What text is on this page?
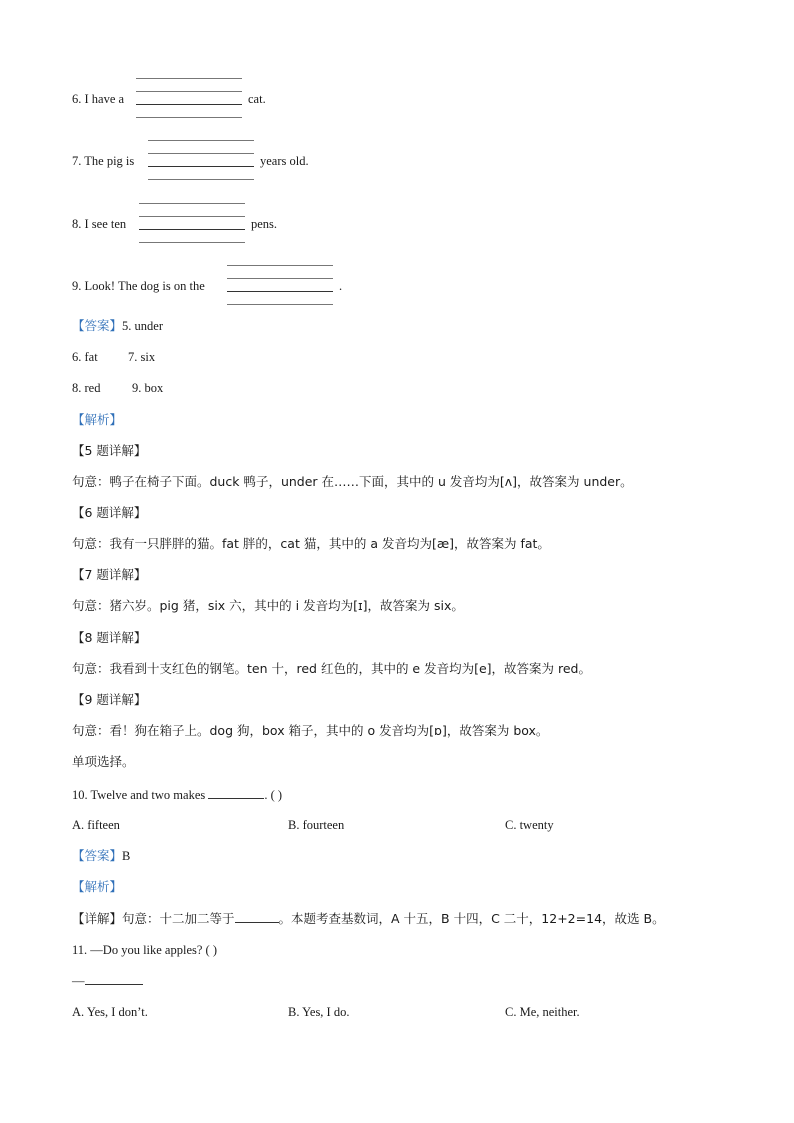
6. I have a	cat.
7. The pig is	years old.
8. I see ten	pens.
9. Look! The dog is on the	.
【答案】5. under
6. fat 7. six
8. red	9. box
【解析】
【5 题详解】
句意：鸭子在椅子下面。duck 鸭子，under 在……下面，其中的 u 发音均为[ʌ]，故答案为 under。
【6 题详解】
句意：我有一只胖胖的猫。fat 胖的，cat 猫，其中的 a 发音均为[æ]，故答案为 fat。
【7 题详解】
句意：猪六岁。pig 猪，six 六，其中的 i 发音均为[ɪ]，故答案为 six。
【8 题详解】
句意：我看到十支红色的钢笔。ten 十，red 红色的，其中的 e 发音均为[e]，故答案为 red。
【9 题详解】
句意：看！狗在箱子上。dog 狗，box 箱子，其中的 o 发音均为[ɒ]，故答案为 box。
单项选择。
10. Twelve and two makes	. ( )
A. fifteen	B. fourteen	C. twenty
【答案】B
【解析】
【详解】句意：十二加二等于	。本题考查基数词，A 十五，B 十四，C 二十，12+2=14，故选 B。
11. —Do you like apples? ( )
—
A. Yes, I don’t.	B. Yes, I do.	C. Me, neither.
